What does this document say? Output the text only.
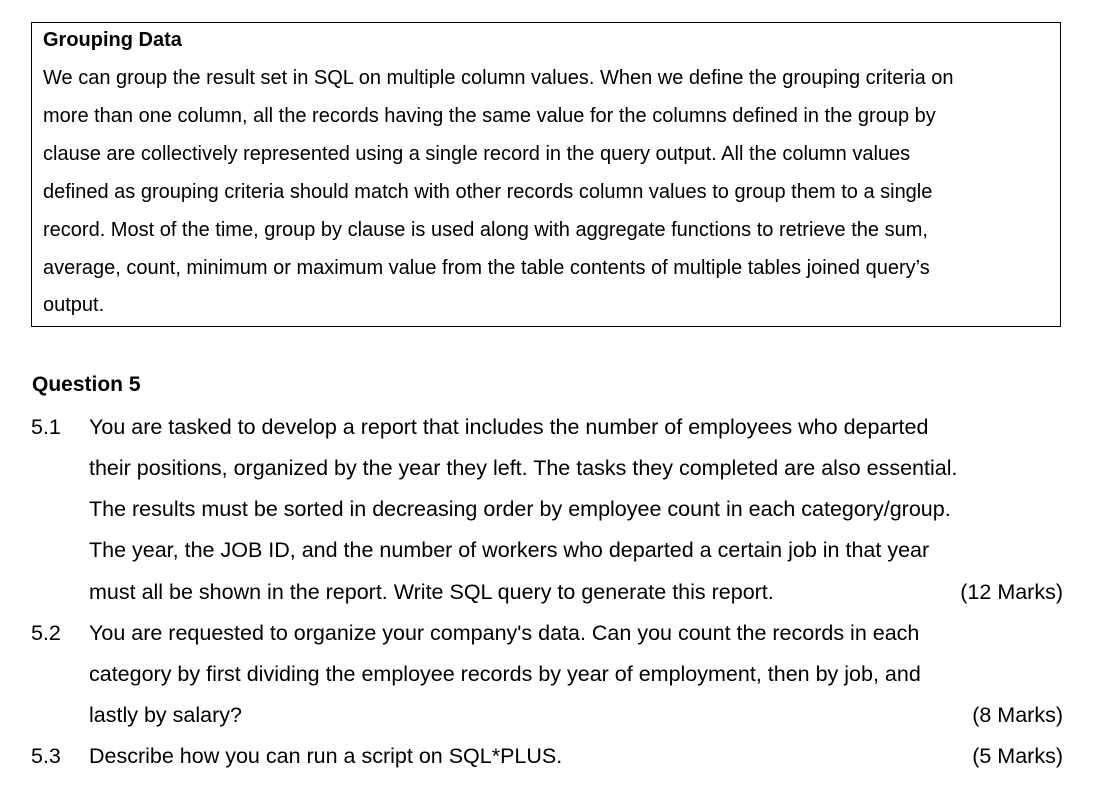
Grouping Data
We can group the result set in SQL on multiple column values. When we define the grouping criteria on
more than one column, all the records having the same value for the columns defined in the group by
clause are collectively represented using a single record in the query output. All the column values
defined as grouping criteria should match with other records column values to group them to a single
record. Most of the time, group by clause is used along with aggregate functions to retrieve the sum,
average, count, minimum or maximum value from the table contents of multiple tables joined query’s
output.
Question 5
5.1 You are tasked to develop a report that includes the number of employees who departed
their positions, organized by the year they left. The tasks they completed are also essential.
The results must be sorted in decreasing order by employee count in each category/group.
The year, the JOB ID, and the number of workers who departed a certain job in that year
must all be shown in the report. Write SQL query to generate this report.	(12 Marks)
5.2 You are requested to organize your company's data. Can you count the records in each
category by first dividing the employee records by year of employment, then by job, and
lastly by salary?	(8 Marks)
5.3 Describe how you can run a script on SQL*PLUS.	(5 Marks)
